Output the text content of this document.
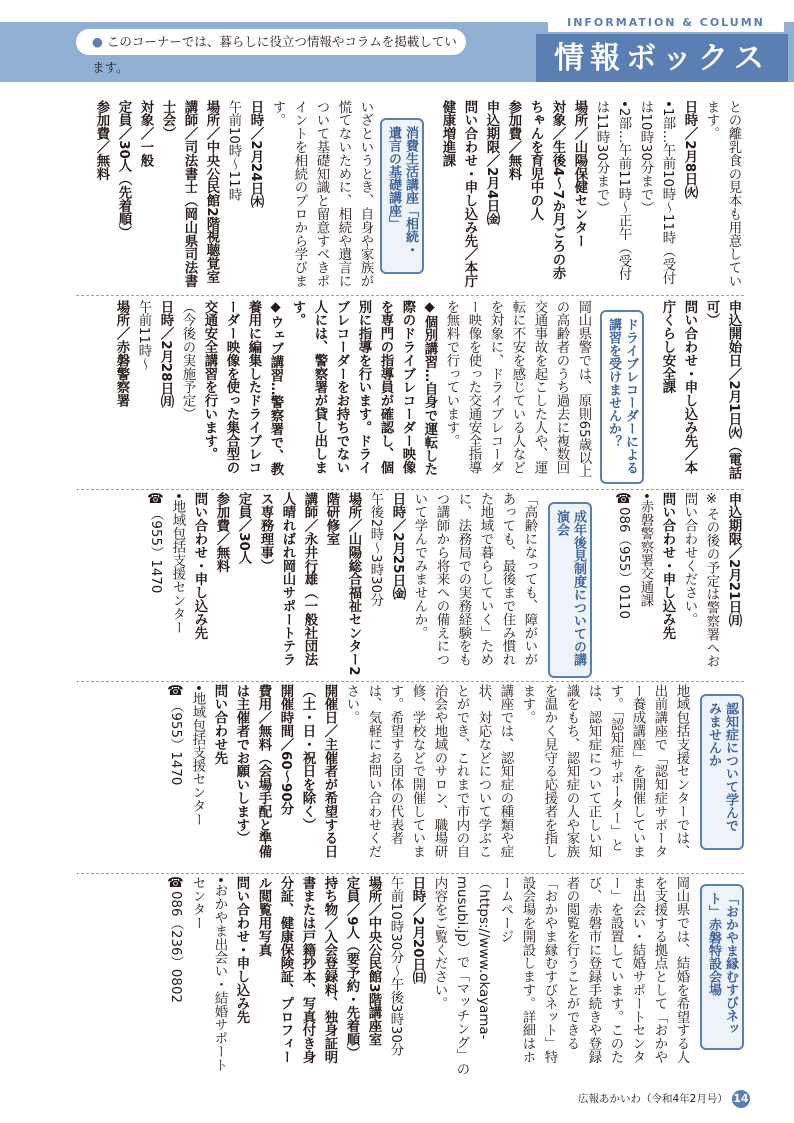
● このコーナーでは、暮らしに役立つ情報やコラムを掲載しています。
INFORMATION & COLUMN
情報ボックス

との離乳食の見本も用意しています。

日時／2月8日㈫

•1部…午前10時〜11時（受付は10時30分まで）

•2部…午前11時〜正午（受付は11時30分まで）

場所／山陽保健センター

対象／生後4〜7か月ごろの赤ちゃんを育児中の人

参加費／無料

申込期限／2月4日㈮

問い合わせ・申し込み先／本庁健康増進課

消費生活講座「相続・遺言の基礎講座」

いざというとき、自身や家族が慌てないために、相続や遺言について基礎知識と留意すべきポイントを相続のプロから学びます。

日時／2月24日㈭

午前10時〜11時

場所／中央公民館2階視聴覚室

講師／司法書士（岡山県司法書士会）

対象／一般

定員／30人（先着順）

参加費／無料

申込開始日／2月1日㈫（電話可）

問い合わせ・申し込み先／本庁くらし安全課

ドライブレコーダーによる講習を受けませんか？

岡山県警では、原則65歳以上の高齢者のうち過去に複数回交通事故を起こした人や、運転に不安を感じている人などを対象に、ドライブレコーダー映像を使った交通安全指導を無料で行っています。

◆個別講習…自身で運転した際のドライブレコーダー映像を専門の指導員が確認し、個別に指導を行います。ドライブレコーダーをお持ちでない人には、警察署が貸し出します。

◆ウェブ講習…警察署で、教養用に編集したドライブレコーダー映像を使った集合型の交通安全講習を行います。

（今後の実施予定）

日時／2月28日㈪

午前11時〜

場所／赤磐警察署

申込期限／2月21日㈪

※その後の予定は警察署へお問い合わせください。

問い合わせ・申し込み先

•赤磐警察署交通課

☎086（955）0110

成年後見制度についての講演会

「高齢になっても、障がいがあっても、最後まで住み慣れた地域で暮らしていく」ために、法務局での実務経験をもつ講師から将来への備えについて学んでみませんか。

日時／2月25日㈮

午後2時〜3時30分

場所／山陽総合福祉センター2階研修室

講師／永井行雄（一般社団法人晴ればれ岡山サポートテラス専務理事）

定員／30人

参加費／無料

問い合わせ・申し込み先

•地域包括支援センター

☎（955）1470

認知症について学んでみませんか

地域包括支援センターでは、出前講座で「認知症サポーター養成講座」を開催しています。「認知症サポーター」とは、認知症について正しい知識をもち、認知症の人や家族を温かく見守る応援者を指します。

講座では、認知症の種類や症状、対応などについて学ぶことができ、これまで市内の自治会や地域のサロン、職場研修、学校などで開催しています。希望する団体の代表者は、気軽にお問い合わせください。

開催日／主催者が希望する日（土・日・祝日を除く）

開催時間／60〜90分

費用／無料（会場手配と準備は主催者でお願いします）

問い合わせ先

•地域包括支援センター

☎（955）1470

「おかやま縁むすびネット」赤磐特設会場

岡山県では、結婚を希望する人を支援する拠点として「おかやま出会い・結婚サポートセンター」を設置しています。このたび、赤磐市に登録手続きや登録者の閲覧を行うことができる「おかやま縁むすびネット」特設会場を開設します。詳細はホームページ（https://www.okayama-musubi.jp）で「マッチング」の内容をご覧ください。

日時／2月20日㈰

午前10時30分〜午後3時30分

場所／中央公民館3階講座室

定員／9人（要予約・先着順）

持ち物／入会登録料、独身証明書または戸籍抄本、写真付き身分証、健康保険証、プロフィール閲覧用写真

問い合わせ・申し込み先

•おかやま出会い・結婚サポートセンター

☎086（236）0802

広報あかいわ（令和4年2月号） 14
